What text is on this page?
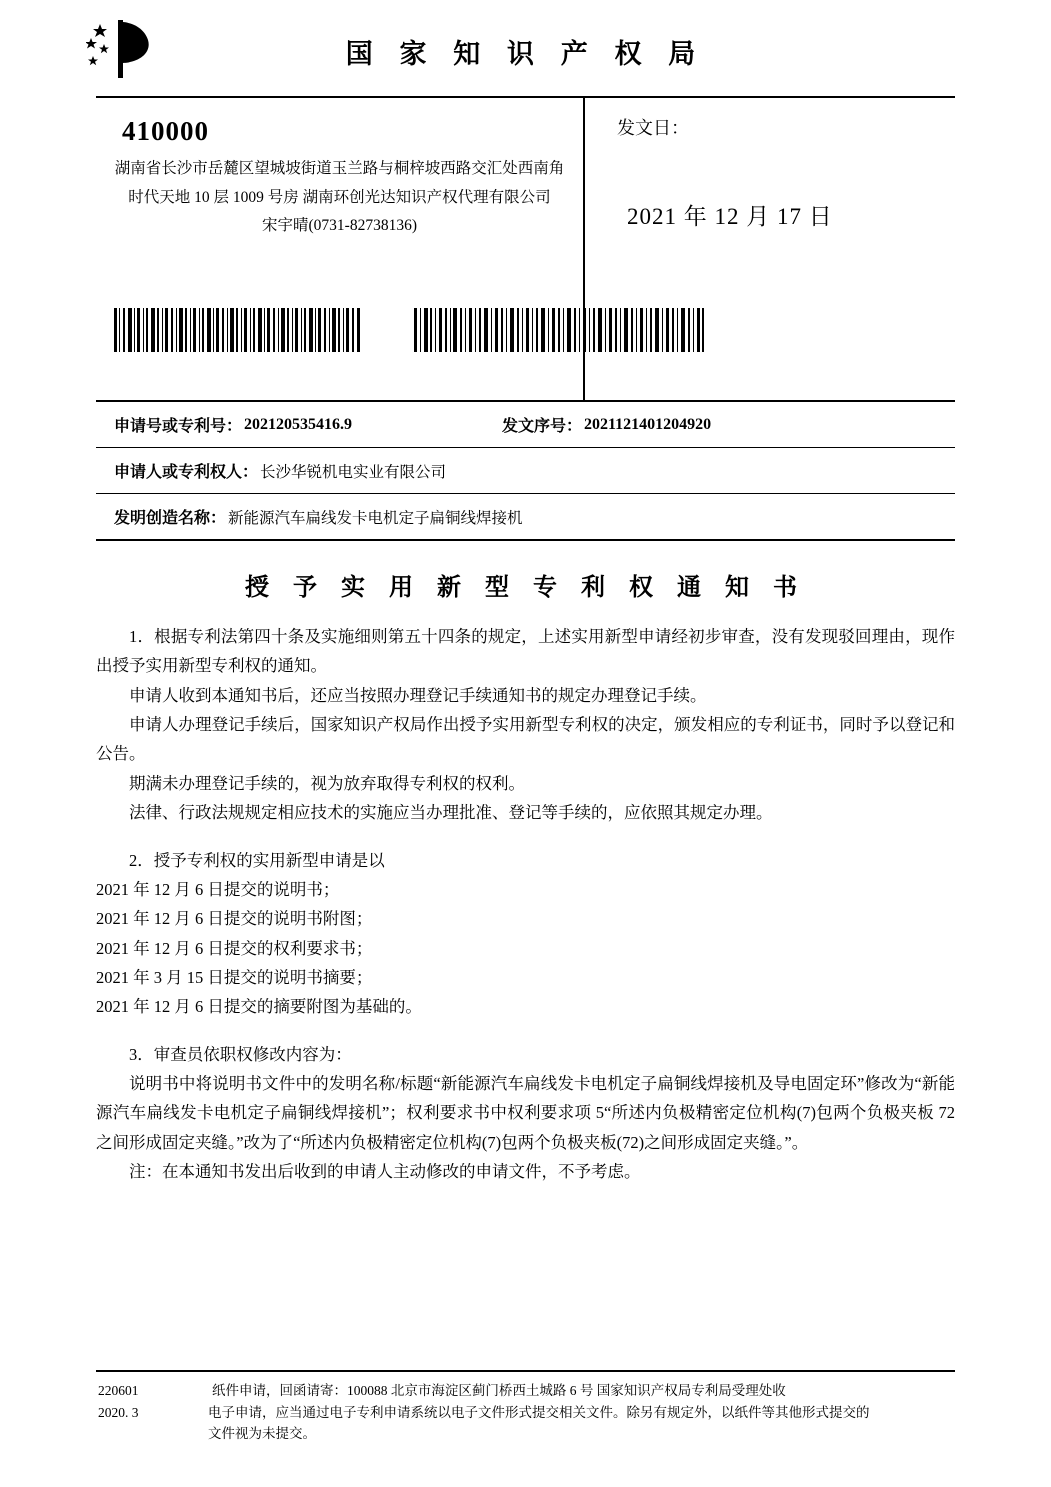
国 家 知 识 产 权 局
410000
湖南省长沙市岳麓区望城坡街道玉兰路与桐梓坡西路交汇处西南角
时代天地 10 层 1009 号房 湖南环创光达知识产权代理有限公司
宋宇晴(0731-82738136)
发文日：
2021 年 12 月 17 日
申请号或专利号： 202120535416.9	发文序号： 2021121401204920
申请人或专利权人： 长沙华锐机电实业有限公司
发明创造名称： 新能源汽车扁线发卡电机定子扁铜线焊接机
授 予 实 用 新 型 专 利 权 通 知 书

1．根据专利法第四十条及实施细则第五十四条的规定，上述实用新型申请经初步审查，没有发现驳回理由，现作出授予实用新型专利权的通知。

申请人收到本通知书后，还应当按照办理登记手续通知书的规定办理登记手续。

申请人办理登记手续后，国家知识产权局作出授予实用新型专利权的决定，颁发相应的专利证书，同时予以登记和公告。

期满未办理登记手续的，视为放弃取得专利权的权利。

法律、行政法规规定相应技术的实施应当办理批准、登记等手续的，应依照其规定办理。

2．授予专利权的实用新型申请是以

2021 年 12 月 6 日提交的说明书；

2021 年 12 月 6 日提交的说明书附图；

2021 年 12 月 6 日提交的权利要求书；

2021 年 3 月 15 日提交的说明书摘要；

2021 年 12 月 6 日提交的摘要附图为基础的。

3．审查员依职权修改内容为：

说明书中将说明书文件中的发明名称/标题“新能源汽车扁线发卡电机定子扁铜线焊接机及导电固定环”修改为“新能源汽车扁线发卡电机定子扁铜线焊接机”；权利要求书中权利要求项 5“所述内负极精密定位机构(7)包两个负极夹板 72 之间形成固定夹缝。”改为了“所述内负极精密定位机构(7)包两个负极夹板(72)之间形成固定夹缝。”。

注：在本通知书发出后收到的申请人主动修改的申请文件，不予考虑。

220601
2020. 3
纸件申请，回函请寄：100088 北京市海淀区蓟门桥西土城路 6 号 国家知识产权局专利局受理处收
电子申请，应当通过电子专利申请系统以电子文件形式提交相关文件。除另有规定外，以纸件等其他形式提交的
文件视为未提交。
